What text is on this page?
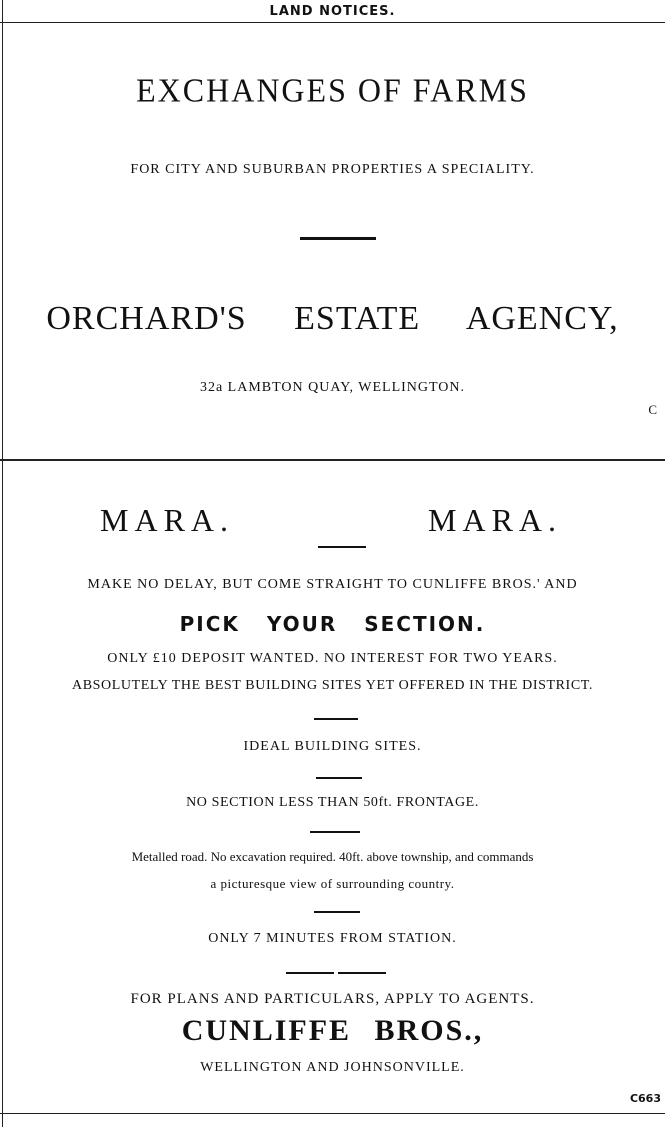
LAND NOTICES.
EXCHANGES OF FARMS
FOR CITY AND SUBURBAN PROPERTIES A SPECIALITY.
ORCHARD'S ESTATE AGENCY,
32a LAMBTON QUAY, WELLINGTON.
C
MARA.	MARA.
MAKE NO DELAY, BUT COME STRAIGHT TO CUNLIFFE BROS.' AND
PICK YOUR SECTION.
ONLY £10 DEPOSIT WANTED. NO INTEREST FOR TWO YEARS.
ABSOLUTELY THE BEST BUILDING SITES YET OFFERED IN THE DISTRICT.
IDEAL BUILDING SITES.
NO SECTION LESS THAN 50ft. FRONTAGE.
Metalled road. No excavation required. 40ft. above township, and commands
a picturesque view of surrounding country.
ONLY 7 MINUTES FROM STATION.
FOR PLANS AND PARTICULARS, APPLY TO AGENTS.
CUNLIFFE BROS.,
WELLINGTON AND JOHNSONVILLE.
C663
